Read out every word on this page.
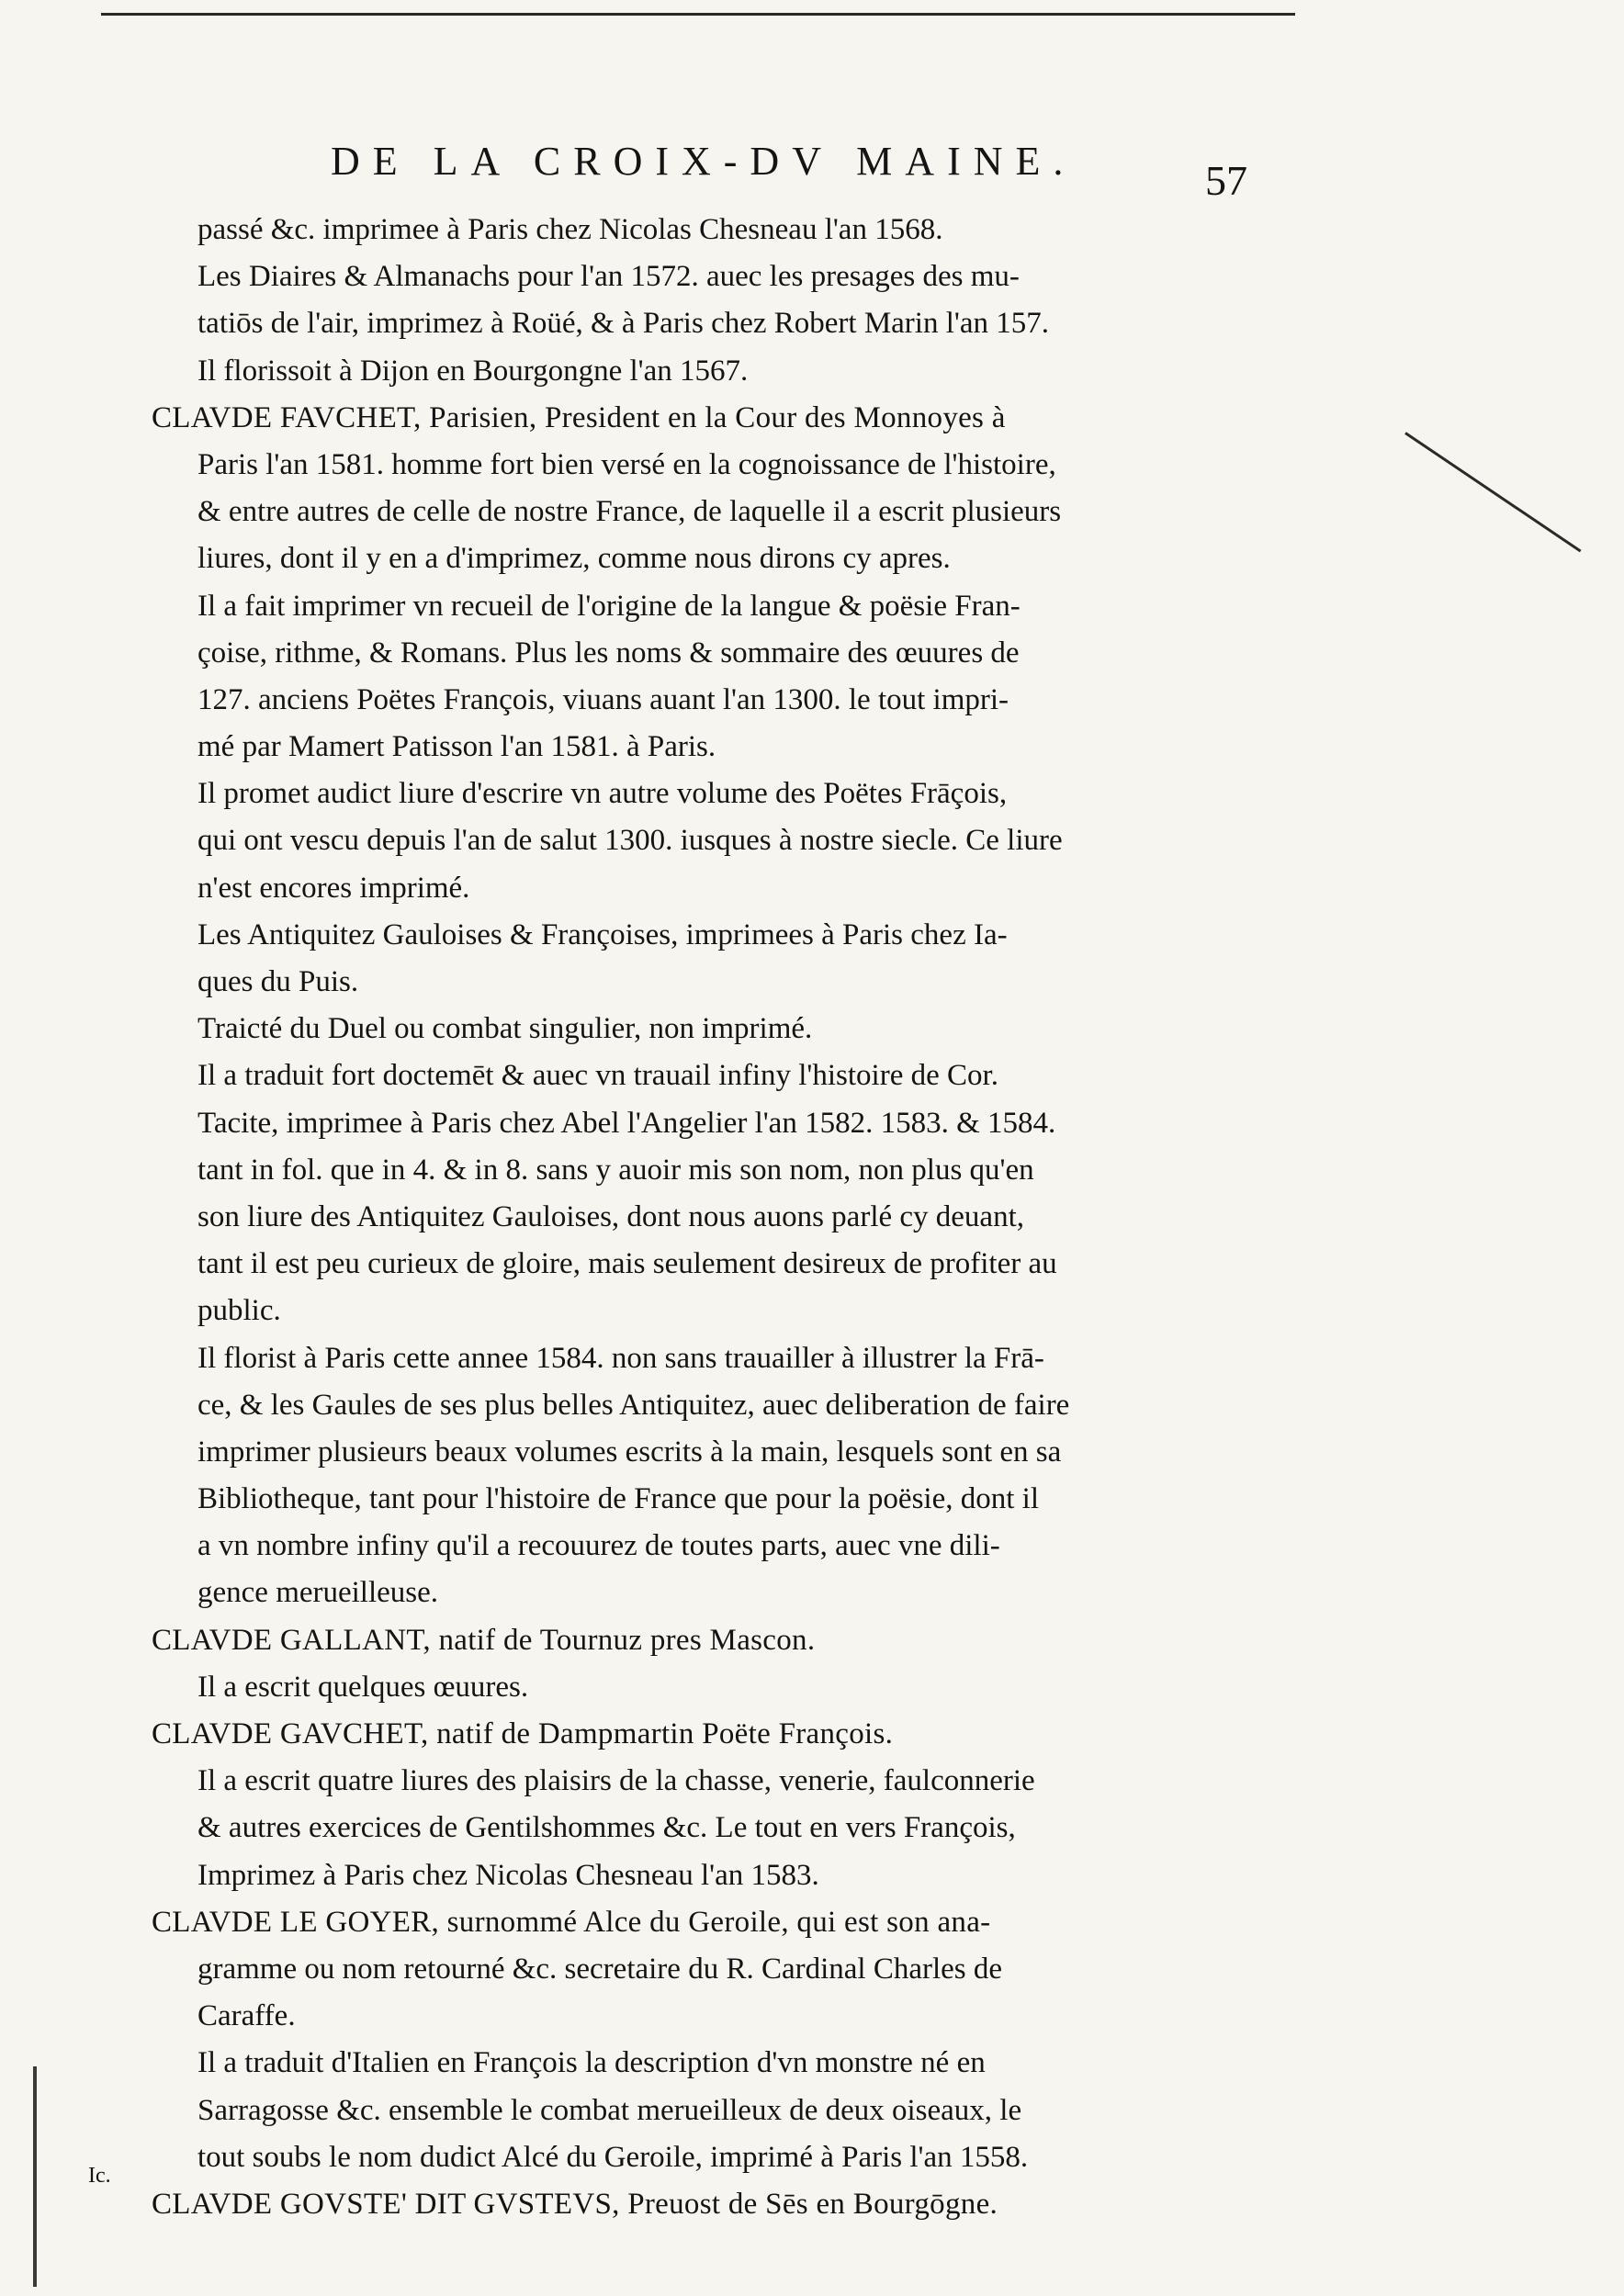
DE LA CROIX-DV MAINE.	57
passé &c. imprimee à Paris chez Nicolas Chesneau l'an 1568.
Les Diaires & Almanachs pour l'an 1572. auec les presages des mu-
tatiōs de l'air, imprimez à Roüé, & à Paris chez Robert Marin l'an 157.
Il florissoit à Dijon en Bourgongne l'an 1567.
CLAVDE FAVCHET, Parisien, President en la Cour des Monnoyes à
Paris l'an 1581. homme fort bien versé en la cognoissance de l'histoire,
& entre autres de celle de nostre France, de laquelle il a escrit plusieurs
liures, dont il y en a d'imprimez, comme nous dirons cy apres.
Il a fait imprimer vn recueil de l'origine de la langue & poësie Fran-
çoise, rithme, & Romans. Plus les noms & sommaire des œuures de
127. anciens Poëtes François, viuans auant l'an 1300. le tout impri-
mé par Mamert Patisson l'an 1581. à Paris.
Il promet audict liure d'escrire vn autre volume des Poëtes Frāçois,
qui ont vescu depuis l'an de salut 1300. iusques à nostre siecle. Ce liure
n'est encores imprimé.
Les Antiquitez Gauloises & Françoises, imprimees à Paris chez Ia-
ques du Puis.
Traicté du Duel ou combat singulier, non imprimé.
Il a traduit fort doctemēt & auec vn trauail infiny l'histoire de Cor.
Tacite, imprimee à Paris chez Abel l'Angelier l'an 1582. 1583. & 1584.
tant in fol. que in 4. & in 8. sans y auoir mis son nom, non plus qu'en
son liure des Antiquitez Gauloises, dont nous auons parlé cy deuant,
tant il est peu curieux de gloire, mais seulement desireux de profiter au
public.
Il florist à Paris cette annee 1584. non sans trauailler à illustrer la Frā-
ce, & les Gaules de ses plus belles Antiquitez, auec deliberation de faire
imprimer plusieurs beaux volumes escrits à la main, lesquels sont en sa
Bibliotheque, tant pour l'histoire de France que pour la poësie, dont il
a vn nombre infiny qu'il a recouurez de toutes parts, auec vne dili-
gence merueilleuse.
CLAVDE GALLANT, natif de Tournuz pres Mascon.
Il a escrit quelques œuures.
CLAVDE GAVCHET, natif de Dampmartin Poëte François.
Il a escrit quatre liures des plaisirs de la chasse, venerie, faulconnerie
& autres exercices de Gentilshommes &c. Le tout en vers François,
Imprimez à Paris chez Nicolas Chesneau l'an 1583.
CLAVDE LE GOYER, surnommé Alce du Geroile, qui est son ana-
gramme ou nom retourné &c. secretaire du R. Cardinal Charles de
Caraffe.
Il a traduit d'Italien en François la description d'vn monstre né en
Sarragosse &c. ensemble le combat merueilleux de deux oiseaux, le
tout soubs le nom dudict Alcé du Geroile, imprimé à Paris l'an 1558.
CLAVDE GOVSTE' DIT GVSTEVS, Preuost de Sēs en Bourgōgne.
Ic.
